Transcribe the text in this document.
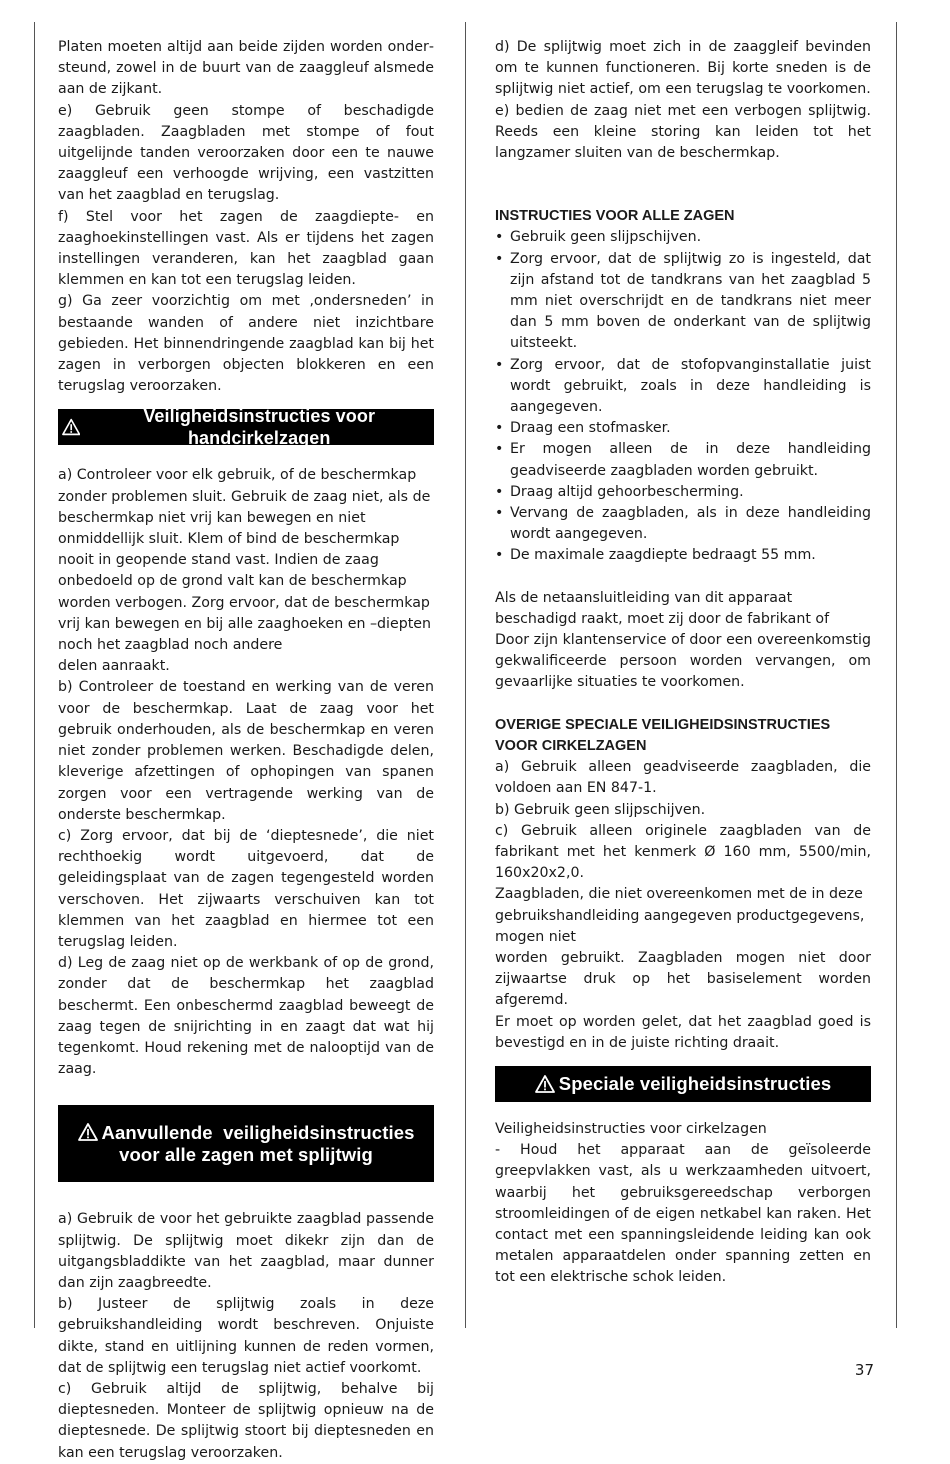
Platen moeten altijd aan beide zijden worden ondersteund, zowel in de buurt van de zaaggleuf alsmede aan de zijkant.

e) Gebruik geen stompe of beschadigde zaagbladen. Zaagbladen met stompe of fout uitgelijnde tanden veroorzaken door een te nauwe zaaggleuf een verhoogde wrijving, een vastzitten van het zaagblad en terugslag.

f) Stel voor het zagen de zaagdiepte- en zaaghoekinstellingen vast. Als er tijdens het zagen instellingen veranderen, kan het zaagblad gaan klemmen en kan tot een terugslag leiden.

g) Ga zeer voorzichtig om met ‚ondersneden’ in bestaande wanden of andere niet inzichtbare gebieden. Het binnendringende zaagblad kan bij het zagen in verborgen objecten blokkeren en een terugslag veroorzaken.

Veiligheidsinstructies voor handcirkelzagen

a) Controleer voor elk gebruik, of de beschermkap zonder problemen sluit. Gebruik de zaag niet, als de beschermkap niet vrij kan bewegen en niet onmiddellijk sluit. Klem of bind de beschermkap nooit in geopende stand vast. Indien de zaag onbedoeld op de grond valt kan de beschermkap worden verbogen. Zorg ervoor, dat de beschermkap vrij kan bewegen en bij alle zaaghoeken en –diepten noch het zaagblad noch andere

delen aanraakt.

b) Controleer de toestand en werking van de veren voor de beschermkap. Laat de zaag voor het gebruik onderhouden, als de beschermkap en veren niet zonder problemen werken. Beschadigde delen, kleverige afzettingen of ophopingen van spanen zorgen voor een vertragende werking van de onderste beschermkap.

c) Zorg ervoor, dat bij de ‘dieptesnede’, die niet rechthoekig wordt uitgevoerd, dat de geleidingsplaat van de zagen tegengesteld worden verschoven. Het zijwaarts verschuiven kan tot klemmen van het zaagblad en hiermee tot een terugslag leiden.

d) Leg de zaag niet op de werkbank of op de grond, zonder dat de beschermkap het zaagblad beschermt. Een onbeschermd zaagblad beweegt de zaag tegen de snijrichting in en zaagt dat wat hij tegenkomt. Houd rekening met de nalooptijd van de zaag.

Aanvullende  veiligheidsinstructies
voor alle zagen met splijtwig

a) Gebruik de voor het gebruikte zaagblad passende splijtwig. De splijtwig moet dikekr zijn dan de uitgangsbladdikte van het zaagblad, maar dunner dan zijn zaagbreedte.

b) Justeer de splijtwig zoals in deze gebruikshandleiding wordt beschreven. Onjuiste dikte, stand en uitlijning kunnen de reden vormen, dat de splijtwig een terugslag niet actief voorkomt.

c) Gebruik altijd de splijtwig, behalve bij dieptesneden. Monteer de splijtwig opnieuw na de dieptesnede. De splijtwig stoort bij dieptesneden en kan een terugslag veroorzaken.

d) De splijtwig moet zich in de zaaggleif bevinden om te kunnen functioneren. Bij korte sneden is de splijtwig niet actief, om een terugslag te voorkomen.

e) bedien de zaag niet met een verbogen splijtwig. Reeds een kleine storing kan leiden tot het langzamer sluiten van de beschermkap.

INSTRUCTIES VOOR ALLE ZAGEN
• Gebruik geen slijpschijven.
• Zorg ervoor, dat de splijtwig zo is ingesteld, dat zijn afstand tot de tandkrans van het zaagblad 5 mm niet overschrijdt en de tandkrans niet meer dan 5 mm boven de onderkant van de splijtwig uitsteekt.
• Zorg ervoor, dat de stofopvanginstallatie juist wordt gebruikt, zoals in deze handleiding is aangegeven.
• Draag een stofmasker.
• Er mogen alleen de in deze handleiding geadviseerde zaagbladen worden gebruikt.
• Draag altijd gehoorbescherming.
• Vervang de zaagbladen, als in deze handleiding wordt aangegeven.
• De maximale zaagdiepte bedraagt 55 mm.

Als de netaansluitleiding van dit apparaat beschadigd raakt, moet zij door de fabrikant of

Door zijn klantenservice of door een overeenkomstig gekwalificeerde persoon worden vervangen, om gevaarlijke situaties te voorkomen.

OVERIGE SPECIALE VEILIGHEIDSINSTRUCTIES VOOR CIRKELZAGEN

a) Gebruik alleen geadviseerde zaagbladen, die voldoen aan EN 847-1.

b) Gebruik geen slijpschijven.

c) Gebruik alleen originele zaagbladen van de fabrikant met het kenmerk Ø 160 mm, 5500/min, 160x20x2,0.

Zaagbladen, die niet overeenkomen met de in deze gebruikshandleiding aangegeven productgegevens, mogen niet

worden gebruikt. Zaagbladen mogen niet door zijwaartse druk op het basiselement worden afgeremd.

Er moet op worden gelet, dat het zaagblad goed is bevestigd en in de juiste richting draait.

Speciale veiligheidsinstructies

Veiligheidsinstructies voor cirkelzagen

- Houd het apparaat aan de geïsoleerde greepvlakken vast, als u werkzaamheden uitvoert, waarbij het gebruiksgereedschap verborgen stroomleidingen of de eigen netkabel kan raken. Het contact met een spanningsleidende leiding kan ook metalen apparaatdelen onder spanning zetten en tot een elektrische schok leiden.

37
